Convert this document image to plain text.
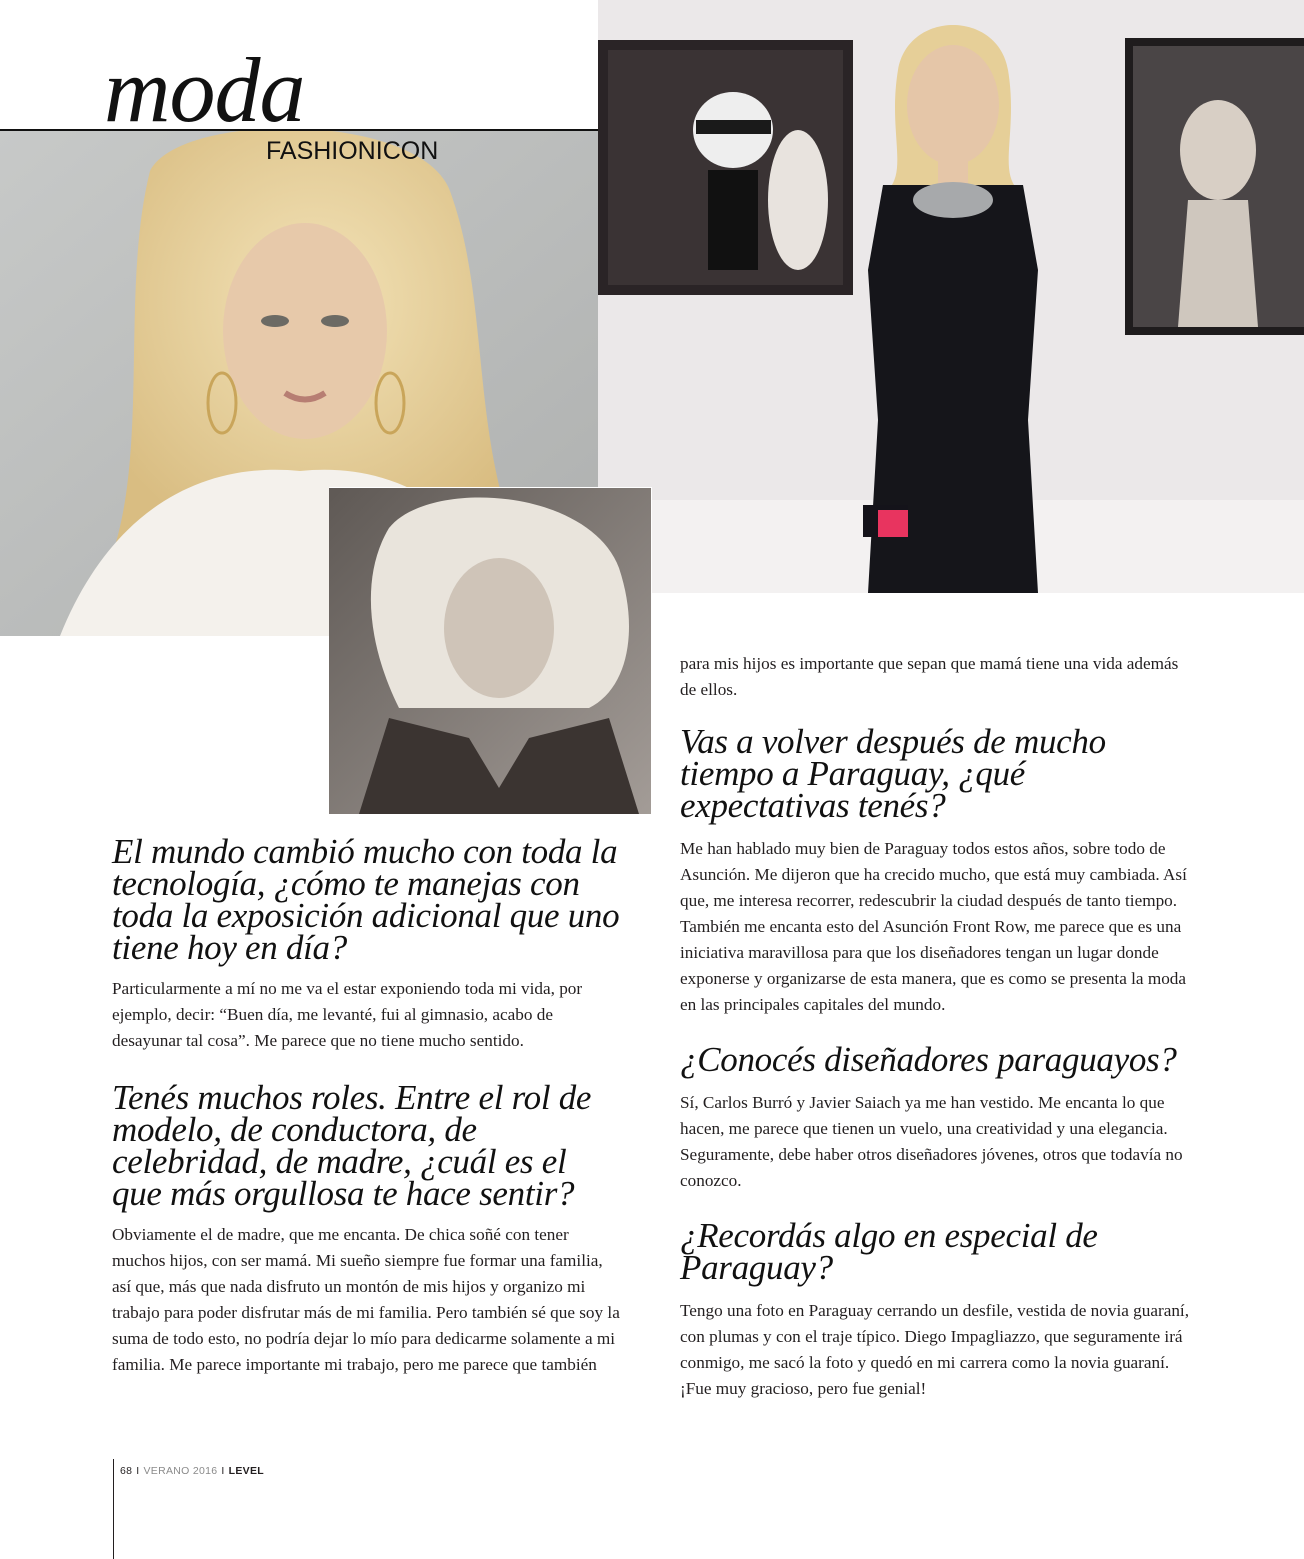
moda
FASHIONICON
El mundo cambió mucho con toda la tecnología, ¿cómo te manejas con toda la exposición adicional que uno tiene hoy en día?

Particularmente a mí no me va el estar exponiendo toda mi vida, por ejemplo, decir: “Buen día, me levanté, fui al gimnasio, acabo de desayunar tal cosa”. Me parece que no tiene mucho sentido.

Tenés muchos roles. Entre el rol de modelo, de conductora, de celebridad, de madre, ¿cuál es el que más orgullosa te hace sentir?

Obviamente el de madre, que me encanta. De chica soñé con tener muchos hijos, con ser mamá. Mi sueño siempre fue formar una familia, así que, más que nada disfruto un montón de mis hijos y organizo mi trabajo para poder disfrutar más de mi familia. Pero también sé que soy la suma de todo esto, no podría dejar lo mío para dedicarme solamente a mi familia. Me parece importante mi trabajo, pero me parece que también

para mis hijos es importante que sepan que mamá tiene una vida además de ellos.

Vas a volver después de mucho tiempo a Paraguay, ¿qué expectativas tenés?

Me han hablado muy bien de Paraguay todos estos años, sobre todo de Asunción. Me dijeron que ha crecido mucho, que está muy cambiada. Así que, me interesa recorrer, redescubrir la ciudad después de tanto tiempo. También me encanta esto del Asunción Front Row, me parece que es una iniciativa maravillosa para que los diseñadores tengan un lugar donde exponerse y organizarse de esta manera, que es como se presenta la moda en las principales capitales del mundo.

¿Conocés diseñadores paraguayos?

Sí, Carlos Burró y Javier Saiach ya me han vestido. Me encanta lo que hacen, me parece que tienen un vuelo, una creatividad y una elegancia. Seguramente, debe haber otros diseñadores jóvenes, otros que todavía no conozco.

¿Recordás algo en especial de Paraguay?

Tengo una foto en Paraguay cerrando un desfile, vestida de novia guaraní, con plumas y con el traje típico. Diego Impagliazzo, que seguramente irá conmigo, me sacó la foto y quedó en mi carrera como la novia guaraní. ¡Fue muy gracioso, pero fue genial!

68 I VERANO 2016 I LEVEL
